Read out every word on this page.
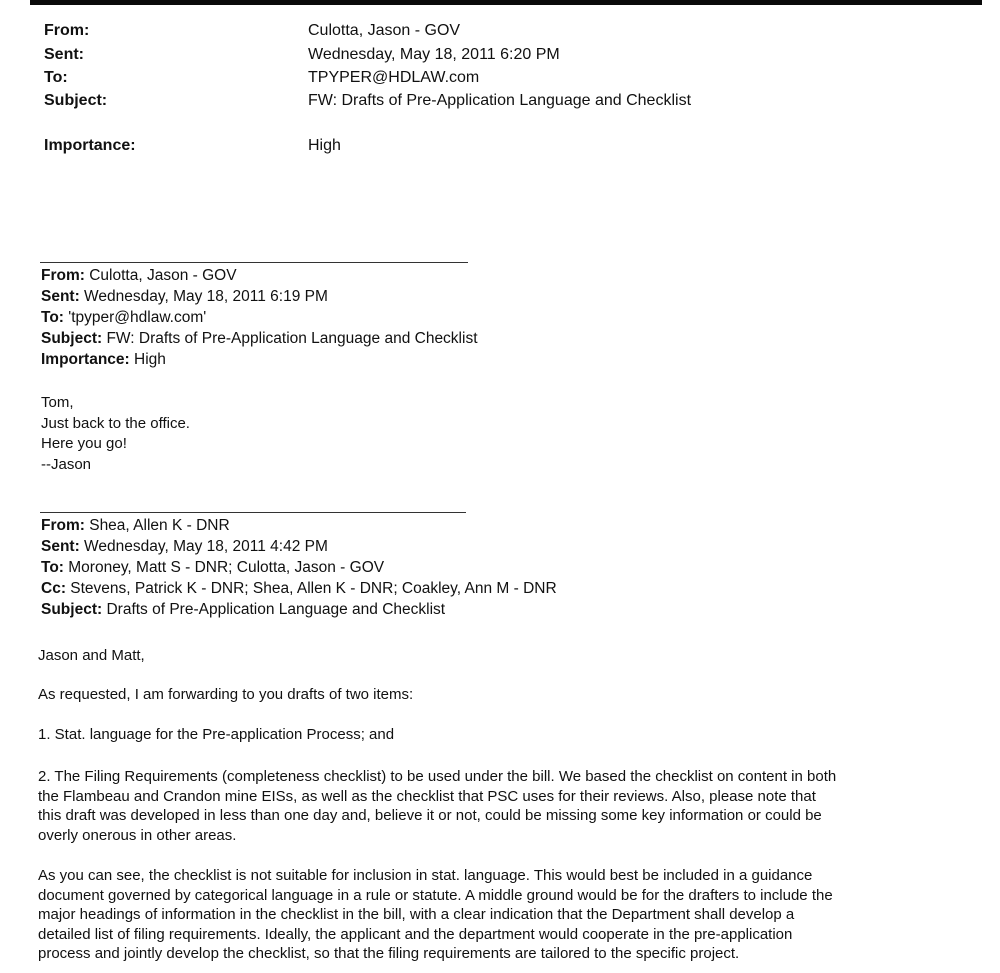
From:	Culotta, Jason - GOV
Sent:	Wednesday, May 18, 2011 6:20 PM
To:	TPYPER@HDLAW.com
Subject:	FW: Drafts of Pre-Application Language and Checklist
Importance:	High
From: Culotta, Jason - GOV
Sent: Wednesday, May 18, 2011 6:19 PM
To: 'tpyper@hdlaw.com'
Subject: FW: Drafts of Pre-Application Language and Checklist
Importance: High
Tom,
Just back to the office.
Here you go!
--Jason
From: Shea, Allen K - DNR
Sent: Wednesday, May 18, 2011 4:42 PM
To: Moroney, Matt S - DNR; Culotta, Jason - GOV
Cc: Stevens, Patrick K - DNR; Shea, Allen K - DNR; Coakley, Ann M - DNR
Subject: Drafts of Pre-Application Language and Checklist
Jason and Matt,
As requested, I am forwarding to you drafts of two items:
1. Stat. language for the Pre-application Process; and
2. The Filing Requirements (completeness checklist) to be used under the bill. We based the checklist on content in both
the Flambeau and Crandon mine EISs, as well as the checklist that PSC uses for their reviews. Also, please note that
this draft was developed in less than one day and, believe it or not, could be missing some key information or could be
overly onerous in other areas.
As you can see, the checklist is not suitable for inclusion in stat. language. This would best be included in a guidance
document governed by categorical language in a rule or statute. A middle ground would be for the drafters to include the
major headings of information in the checklist in the bill, with a clear indication that the Department shall develop a
detailed list of filing requirements. Ideally, the applicant and the department would cooperate in the pre-application
process and jointly develop the checklist, so that the filing requirements are tailored to the specific project.
